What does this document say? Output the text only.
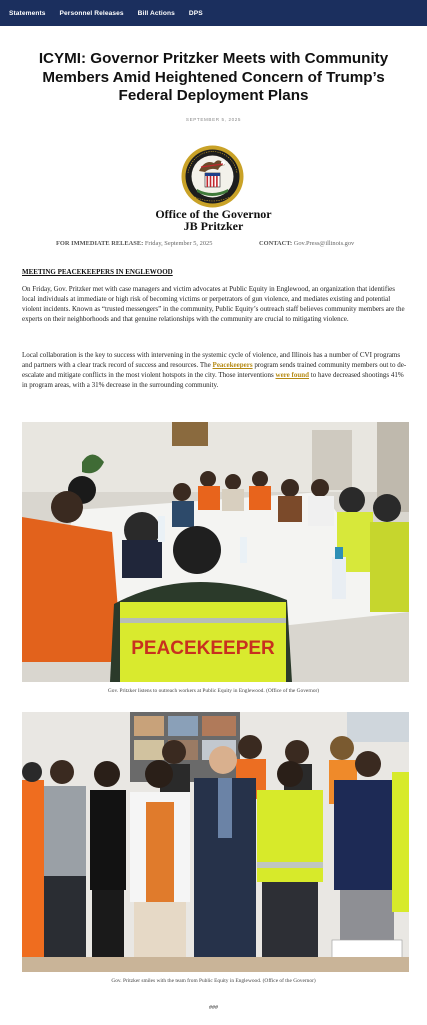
Statements Personnel Releases Bill Actions DPS
ICYMI: Governor Pritzker Meets with Community Members Amid Heightened Concern of Trump’s Federal Deployment Plans
SEPTEMBER 5, 2025
Office of the Governor
JB Pritzker
FOR IMMEDIATE RELEASE: Friday, September 5, 2025	CONTACT: Gov.Press@illinois.gov
MEETING PEACEKEEPERS IN ENGLEWOOD

On Friday, Gov. Pritzker met with case managers and victim advocates at Public Equity in Englewood, an organization that identifies local individuals at immediate or high risk of becoming victims or perpetrators of gun violence, and mediates existing and potential violent incidents. Known as “trusted messengers” in the community, Public Equity’s outreach staff believes community members are the experts on their neighborhoods and that genuine relationships with the community are crucial to mitigating violence.

Local collaboration is the key to success with intervening in the systemic cycle of violence, and Illinois has a number of CVI programs and partners with a clear track record of success and resources. The Peacekeepers program sends trained community members out to de-escalate and mitigate conflicts in the most violent hotspots in the city. Those interventions were found to have decreased shootings 41% in program areas, with a 31% decrease in the surrounding community.

PEACEKEEPER
Gov. Pritzker listens to outreach workers at Public Equity in Englewood. (Office of the Governor)
Gov. Pritzker smiles with the team from Public Equity in Englewood. (Office of the Governor)
###
